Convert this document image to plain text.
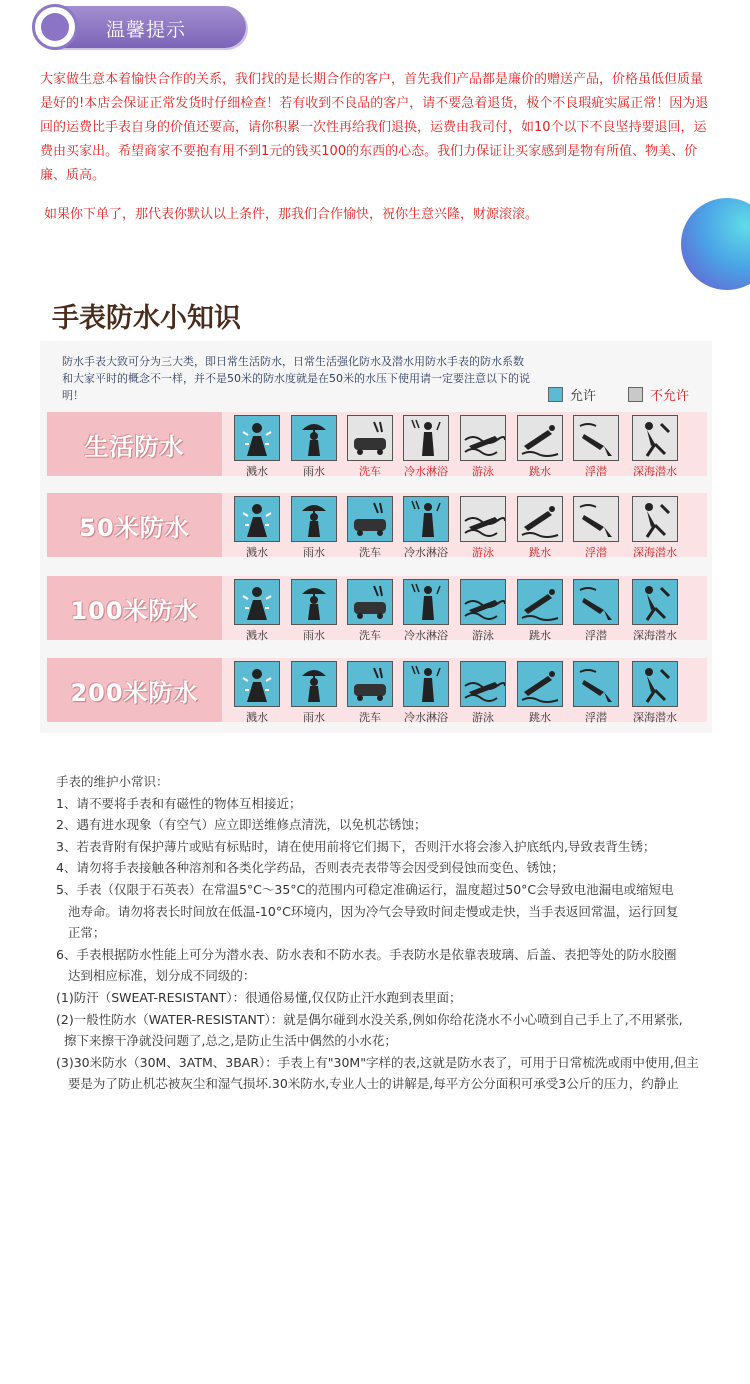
温馨提示

大家做生意本着愉快合作的关系，我们找的是长期合作的客户，首先我们产品都是廉价的赠送产品，价格虽低但质量是好的!本店会保证正常发货时仔细检查！若有收到不良品的客户，请不要急着退货，极个不良瑕疵实属正常！因为退回的运费比手表自身的价值还要高，请你积累一次性再给我们退换，运费由我司付，如10个以下不良坚持要退回，运费由买家出。希望商家不要抱有用不到1元的钱买100的东西的心态。我们力保证让买家感到是物有所值、物美、价廉、质高。

如果你下单了，那代表你默认以上条件，那我们合作愉快，祝你生意兴隆，财源滚滚。

手表防水小知识

防水手表大致可分为三大类，即日常生活防水，日常生活强化防水及潜水用防水手表的防水系数和大家平时的概念不一样，并不是50米的防水度就是在50米的水压下使用请一定要注意以下的说明！	允许	不允许
生活防水
溅水	雨水	洗车	冷水淋浴	游泳	跳水	浮潜	深海潜水
50米防水
溅水	雨水	洗车	冷水淋浴	游泳	跳水	浮潜	深海潜水
100米防水
溅水	雨水	洗车	冷水淋浴	游泳	跳水	浮潜	深海潜水
200米防水
溅水	雨水	洗车	冷水淋浴	游泳	跳水	浮潜	深海潜水

手表的维护小常识：

1、请不要将手表和有磁性的物体互相接近；

2、遇有进水现象（有空气）应立即送维修点清洗，以免机芯锈蚀；

3、若表背附有保护薄片或贴有标贴时，请在使用前将它们揭下，否则汗水将会渗入护底纸内,导致表背生锈；

4、请勿将手表接触各种溶剂和各类化学药品，否则表壳表带等会因受到侵蚀而变色、锈蚀；

5、手表（仅限于石英表）在常温5°C～35°C的范围内可稳定准确运行，温度超过50°C会导致电池漏电或缩短电

池寿命。请勿将表长时间放在低温-10°C环境内，因为冷气会导致时间走慢或走快，当手表返回常温，运行回复

正常；

6、手表根据防水性能上可分为潜水表、防水表和不防水表。手表防水是依靠表玻璃、后盖、表把等处的防水胶圈

达到相应标准，划分成不同级的：

(1)防汗（SWEAT-RESISTANT）：很通俗易懂,仅仅防止汗水跑到表里面；

(2)一般性防水（WATER-RESISTANT）：就是偶尔碰到水没关系,例如你给花浇水不小心喷到自己手上了,不用紧张,

擦下来擦干净就没问题了,总之,是防止生活中偶然的小水花；

(3)30米防水（30M、3ATM、3BAR）：手表上有"30M"字样的表,这就是防水表了，可用于日常梳洗或雨中使用,但主

要是为了防止机芯被灰尘和湿气损坏.30米防水,专业人士的讲解是,每平方公分面积可承受3公斤的压力，约静止
